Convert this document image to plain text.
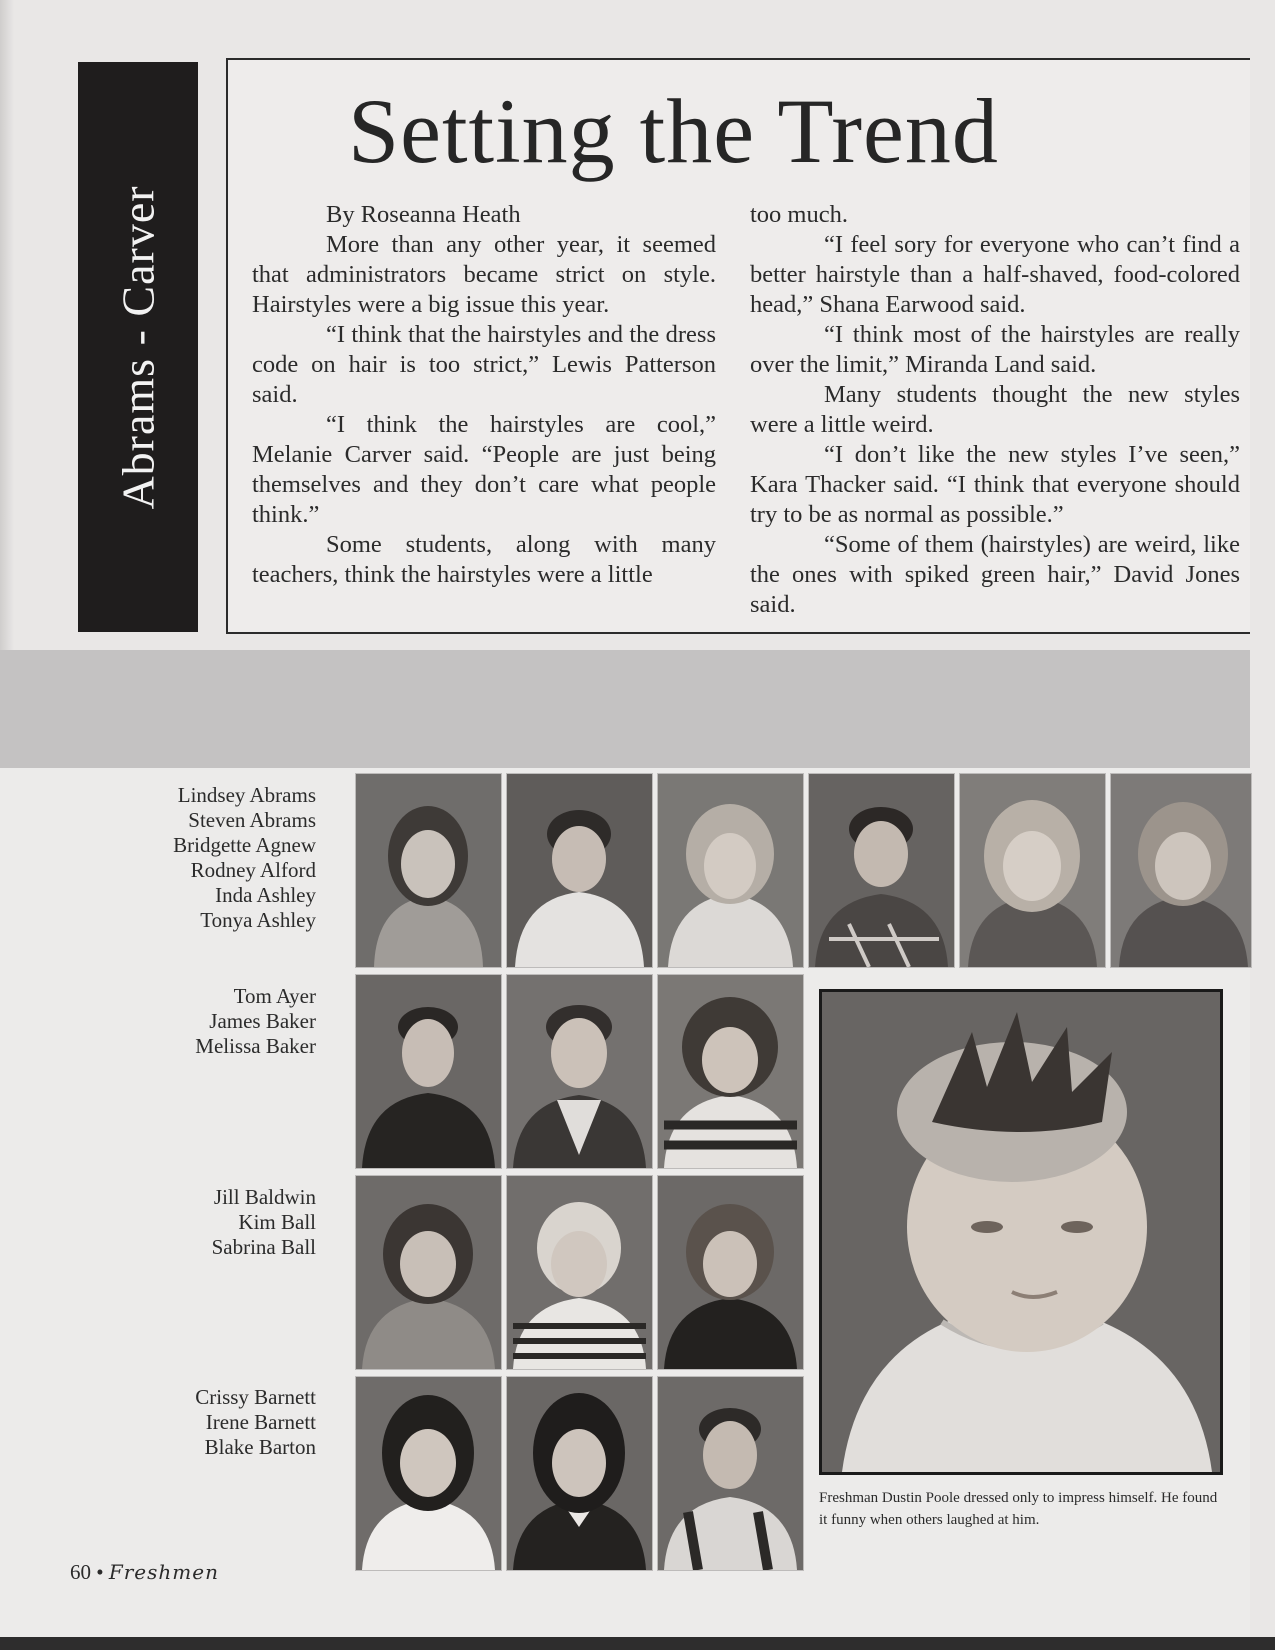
Abrams - Carver
Setting the Trend

By Roseanna Heath

More than any other year, it seemed that administrators became strict on style. Hairstyles were a big issue this year.

“I think that the hairstyles and the dress code on hair is too strict,” Lewis Patterson said.

“I think the hairstyles are cool,” Melanie Carver said. “People are just being themselves and they don’t care what people think.”

Some students, along with many teachers, think the hairstyles were a little

too much.

“I feel sory for everyone who can’t find a better hairstyle than a half-shaved, food-colored head,” Shana Earwood said.

“I think most of the hairstyles are really over the limit,” Miranda Land said.

Many students thought the new styles were a little weird.

“I don’t like the new styles I’ve seen,” Kara Thacker said. “I think that everyone should try to be as normal as possible.”

“Some of them (hairstyles) are weird, like the ones with spiked green hair,” David Jones said.

Lindsey Abrams
Steven Abrams
Bridgette Agnew
Rodney Alford
Inda Ashley
Tonya Ashley
Tom Ayer
James Baker
Melissa Baker
Jill Baldwin
Kim Ball
Sabrina Ball
Crissy Barnett
Irene Barnett
Blake Barton
Freshman Dustin Poole dressed only to impress himself. He found it funny when others laughed at him.
60 • Freshmen
